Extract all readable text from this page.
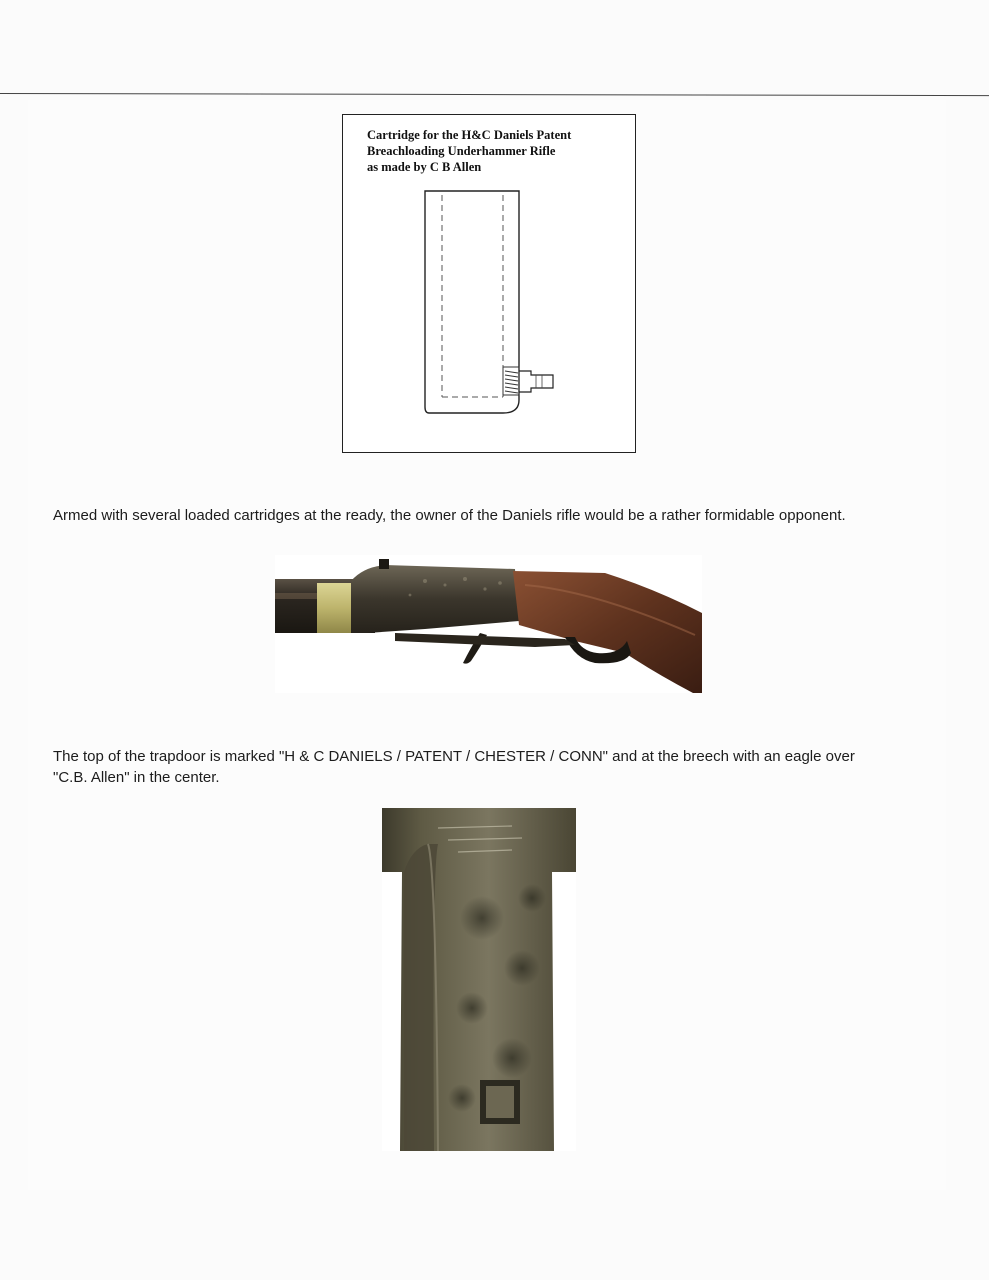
Cartridge for the H&C Daniels Patent
Breachloading Underhammer Rifle
as made by C B Allen
Armed with several loaded cartridges at the ready, the owner of the Daniels rifle would be a rather formidable opponent.
The top of the trapdoor is marked "H & C DANIELS / PATENT / CHESTER / CONN" and at the breech with an eagle over
"C.B. Allen" in the center.
